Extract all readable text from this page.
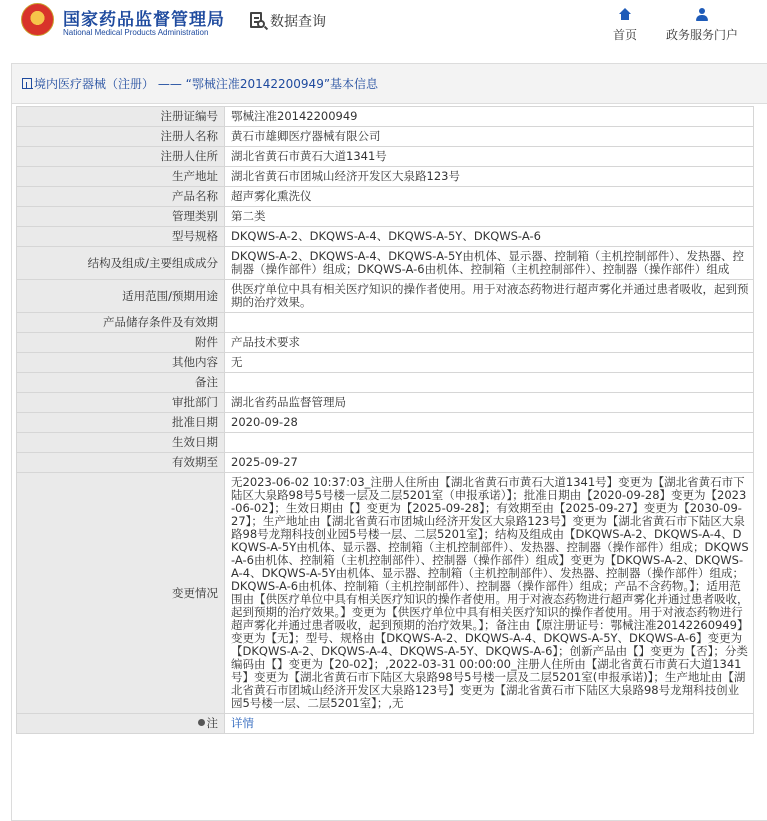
国家药品监督管理局
National Medical Products Administration
数据查询
首页	政务服务门户
境内医疗器械（注册） —— “鄂械注准20142200949”基本信息
注册证编号	鄂械注准20142200949
注册人名称	黄石市雄卿医疗器械有限公司
注册人住所	湖北省黄石市黄石大道1341号
生产地址	湖北省黄石市团城山经济开发区大泉路123号
产品名称	超声雾化熏洗仪
管理类别	第二类
型号规格	DKQWS-A-2、DKQWS-A-4、DKQWS-A-5Y、DKQWS-A-6
结构及组成/主要组成成分	DKQWS-A-2、DKQWS-A-4、DKQWS-A-5Y由机体、显示器、控制箱（主机控制部件）、发热器、控制器（操作部件）组成；DKQWS-A-6由机体、控制箱（主机控制部件）、控制器（操作部件）组成
适用范围/预期用途	供医疗单位中具有相关医疗知识的操作者使用。用于对液态药物进行超声雾化并通过患者吸收，起到预期的治疗效果。
产品储存条件及有效期	
附件	产品技术要求
其他内容	无
备注	
审批部门	湖北省药品监督管理局
批准日期	2020-09-28
生效日期	
有效期至	2025-09-27
变更情况	无2023-06-02 10:37:03_注册人住所由【湖北省黄石市黄石大道1341号】变更为【湖北省黄石市下陆区大泉路98号5号楼一层及二层5201室（申报承诺）】；批准日期由【2020-09-28】变更为【2023-06-02】；生效日期由【】变更为【2025-09-28】；有效期至由【2025-09-27】变更为【2030-09-27】；生产地址由【湖北省黄石市团城山经济开发区大泉路123号】变更为【湖北省黄石市下陆区大泉路98号龙翔科技创业园5号楼一层、二层5201室】；结构及组成由【DKQWS-A-2、DKQWS-A-4、DKQWS-A-5Y由机体、显示器、控制箱（主机控制部件）、发热器、控制器（操作部件）组成；DKQWS-A-6由机体、控制箱（主机控制部件）、控制器（操作部件）组成】变更为【DKQWS-A-2、DKQWS-A-4、DKQWS-A-5Y由机体、显示器、控制箱（主机控制部件）、发热器、控制器（操作部件）组成；DKQWS-A-6由机体、控制箱（主机控制部件）、控制器（操作部件）组成；产品不含药物。】；适用范围由【供医疗单位中具有相关医疗知识的操作者使用。用于对液态药物进行超声雾化并通过患者吸收，起到预期的治疗效果。】变更为【供医疗单位中具有相关医疗知识的操作者使用。用于对液态药物进行超声雾化并通过患者吸收，起到预期的治疗效果。】；备注由【原注册证号：鄂械注准20142260949】变更为【无】；型号、规格由【DKQWS-A-2、DKQWS-A-4、DKQWS-A-5Y、DKQWS-A-6】变更为【DKQWS-A-2、DKQWS-A-4、DKQWS-A-5Y、DKQWS-A-6】；创新产品由【】变更为【否】；分类编码由【】变更为【20-02】；,2022-03-31 00:00:00_注册人住所由【湖北省黄石市黄石大道1341号】变更为【湖北省黄石市下陆区大泉路98号5号楼一层及二层5201室(申报承诺)】；生产地址由【湖北省黄石市团城山经济开发区大泉路123号】变更为【湖北省黄石市下陆区大泉路98号龙翔科技创业园5号楼一层、二层5201室】；,无
注	详情
